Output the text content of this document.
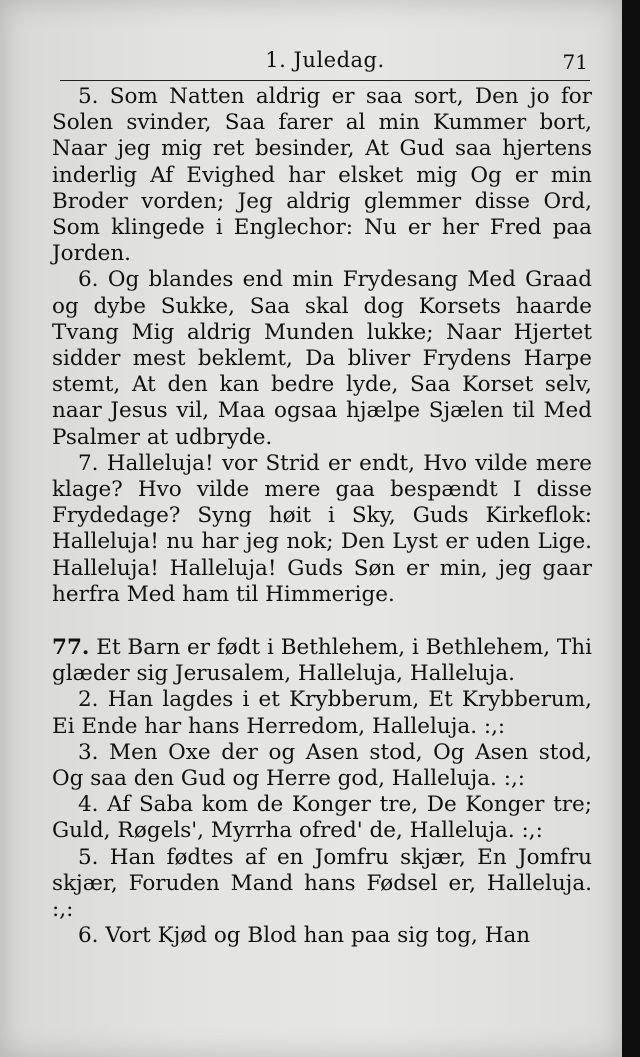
1. Juledag.	71

5. Som Natten aldrig er saa sort, Den jo for Solen svinder, Saa farer al min Kummer bort, Naar jeg mig ret besinder, At Gud saa hjertens inderlig Af Evighed har elsket mig Og er min Broder vorden; Jeg aldrig glemmer disse Ord, Som klingede i Englechor: Nu er her Fred paa Jorden.

6. Og blandes end min Frydesang Med Graad og dybe Sukke, Saa skal dog Korsets haarde Tvang Mig aldrig Munden lukke; Naar Hjertet sidder mest beklemt, Da bliver Frydens Harpe stemt, At den kan bedre lyde, Saa Korset selv, naar Jesus vil, Maa ogsaa hjælpe Sjælen til Med Psalmer at udbryde.

7. Halleluja! vor Strid er endt, Hvo vilde mere klage? Hvo vilde mere gaa bespændt I disse Frydedage? Syng høit i Sky, Guds Kirkeflok: Halleluja! nu har jeg nok; Den Lyst er uden Lige. Halleluja! Halleluja! Guds Søn er min, jeg gaar herfra Med ham til Himmerige.

77. Et Barn er født i Bethlehem, i Bethlehem, Thi glæder sig Jerusalem, Halleluja, Halleluja.

2. Han lagdes i et Krybberum, Et Krybberum, Ei Ende har hans Herredom, Halleluja. :,:

3. Men Oxe der og Asen stod, Og Asen stod, Og saa den Gud og Herre god, Halleluja. :,:

4. Af Saba kom de Konger tre, De Konger tre; Guld, Røgels', Myrrha ofred' de, Halleluja. :,:

5. Han fødtes af en Jomfru skjær, En Jomfru skjær, Foruden Mand hans Fødsel er, Halleluja. :,:

6. Vort Kjød og Blod han paa sig tog, Han
